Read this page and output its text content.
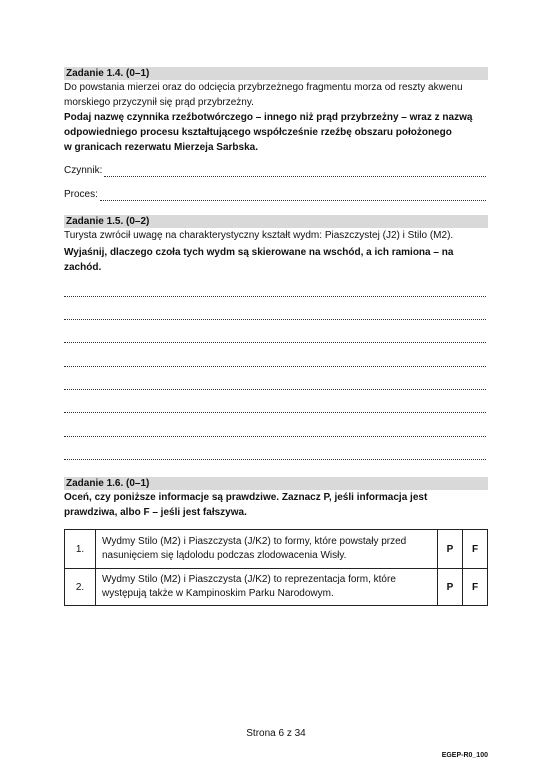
Zadanie 1.4. (0–1)
Do powstania mierzei oraz do odcięcia przybrzeżnego fragmentu morza od reszty akwenu
morskiego przyczynił się prąd przybrzeżny.
Podaj nazwę czynnika rzeźbotwórczego – innego niż prąd przybrzeżny – wraz z nazwą
odpowiedniego procesu kształtującego współcześnie rzeźbę obszaru położonego
w granicach rezerwatu Mierzeja Sarbska.
Czynnik:
Proces:
Zadanie 1.5. (0–2)
Turysta zwrócił uwagę na charakterystyczny kształt wydm: Piaszczystej (J2) i Stilo (M2).
Wyjaśnij, dlaczego czoła tych wydm są skierowane na wschód, a ich ramiona – na
zachód.
Zadanie 1.6. (0–1)
Oceń, czy poniższe informacje są prawdziwe. Zaznacz P, jeśli informacja jest
prawdziwa, albo F – jeśli jest fałszywa.
1.	Wydmy Stilo (M2) i Piaszczysta (J/K2) to formy, które powstały przed
nasunięciem się lądolodu podczas zlodowacenia Wisły.	P	F
2.	Wydmy Stilo (M2) i Piaszczysta (J/K2) to reprezentacja form, które
występują także w Kampinoskim Parku Narodowym.	P	F
Strona 6 z 34
EGEP-R0_100
